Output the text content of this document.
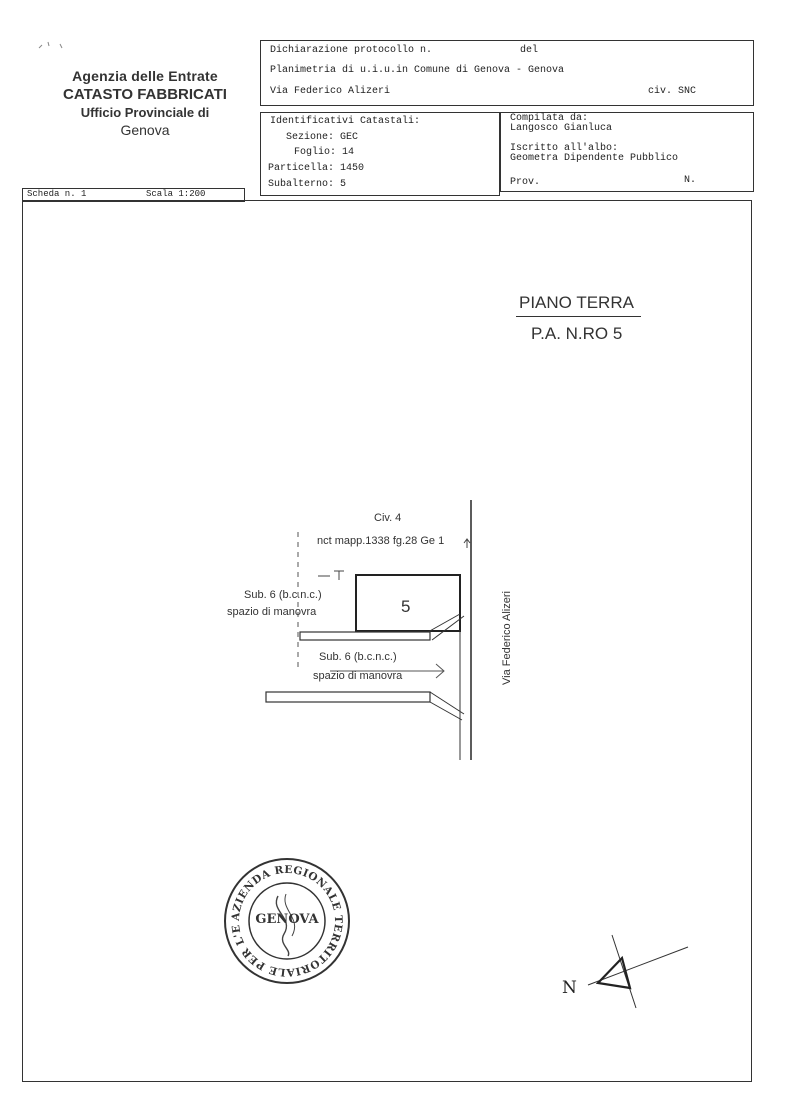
Agenzia delle Entrate
CATASTO FABBRICATI
Ufficio Provinciale di
Genova
Dichiarazione protocollo n.	del
Planimetria di u.i.u.in Comune di Genova - Genova
Via Federico Alizeri	civ. SNC
Identificativi Catastali:
Sezione: GEC
Foglio: 14
Particella: 1450
Subalterno: 5
Compilata da:
Langosco Gianluca
Iscritto all'albo:
Geometra Dipendente Pubblico
Prov.	N.
Scheda n. 1	Scala 1:200
PIANO TERRA
P.A. N.RO 5
Civ. 4
nct mapp.1338 fg.28 Ge 1
Sub. 6 (b.c.n.c.)
spazio di manovra	5
Sub. 6 (b.c.n.c.)
spazio di manovra	Via Federico Alizeri
AZIENDA REGIONALE TERRITORIALE PER L'E
GENOVA
N
